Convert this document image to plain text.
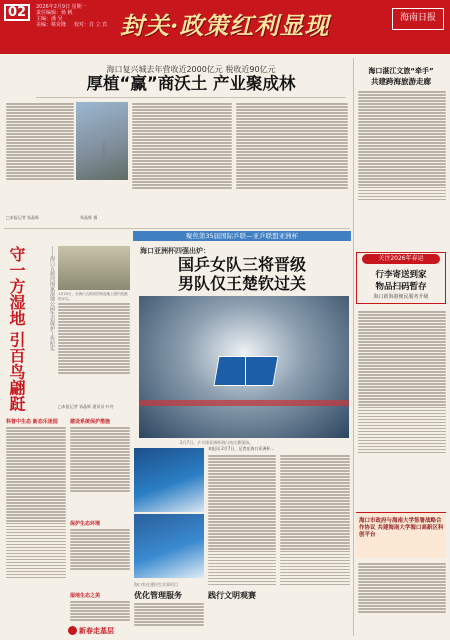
02	2026年2月9日 星期一
责任编辑：杨 帆
主编：潘 吴
美编：蔡奇隆 校对：肖 立 宾 封关·政策红利显现	海南日报
海口复兴城去年营收近2000亿元 税收近90亿元
厚植“赢”商沃土 产业聚成林
企业发展
□本报记者 邹晶辉	邹晶辉 摄
海口湛江文旅“牵手”
共建跨海旅游走廊
关注2026年春运
行李寄送到家
物品扫码暂存
海口新海港便民服务升级
海口市政府与海南大学签署战略合作协议 共建海南大学海口高新区科创平台
守一方湿地 引百鸟翩跹	——海口五源河国家湿地公园生态保护工作纪实 1月20日，在海口五源河国家湿地公园内拍摄的水鸟。
□本报记者 邹晶辉 通讯员 叶舟
科普中生态 新态乐迷园	建设系统保护措施
保护生态环境
湿地生态之美
聚焦第35届国际乒联—亚乒联盟亚洲杯
海口亚洲杯四强出炉：
国乒女队三将晋级
男队仅王楚钦过关
2月7日，乒乓球亚洲杯海口站比赛现场。
本报讯 2月7日，记者在海口亚洲杯...
海口有在建民生实事项目
优化管理服务	践行文明观赛
新春走基层
